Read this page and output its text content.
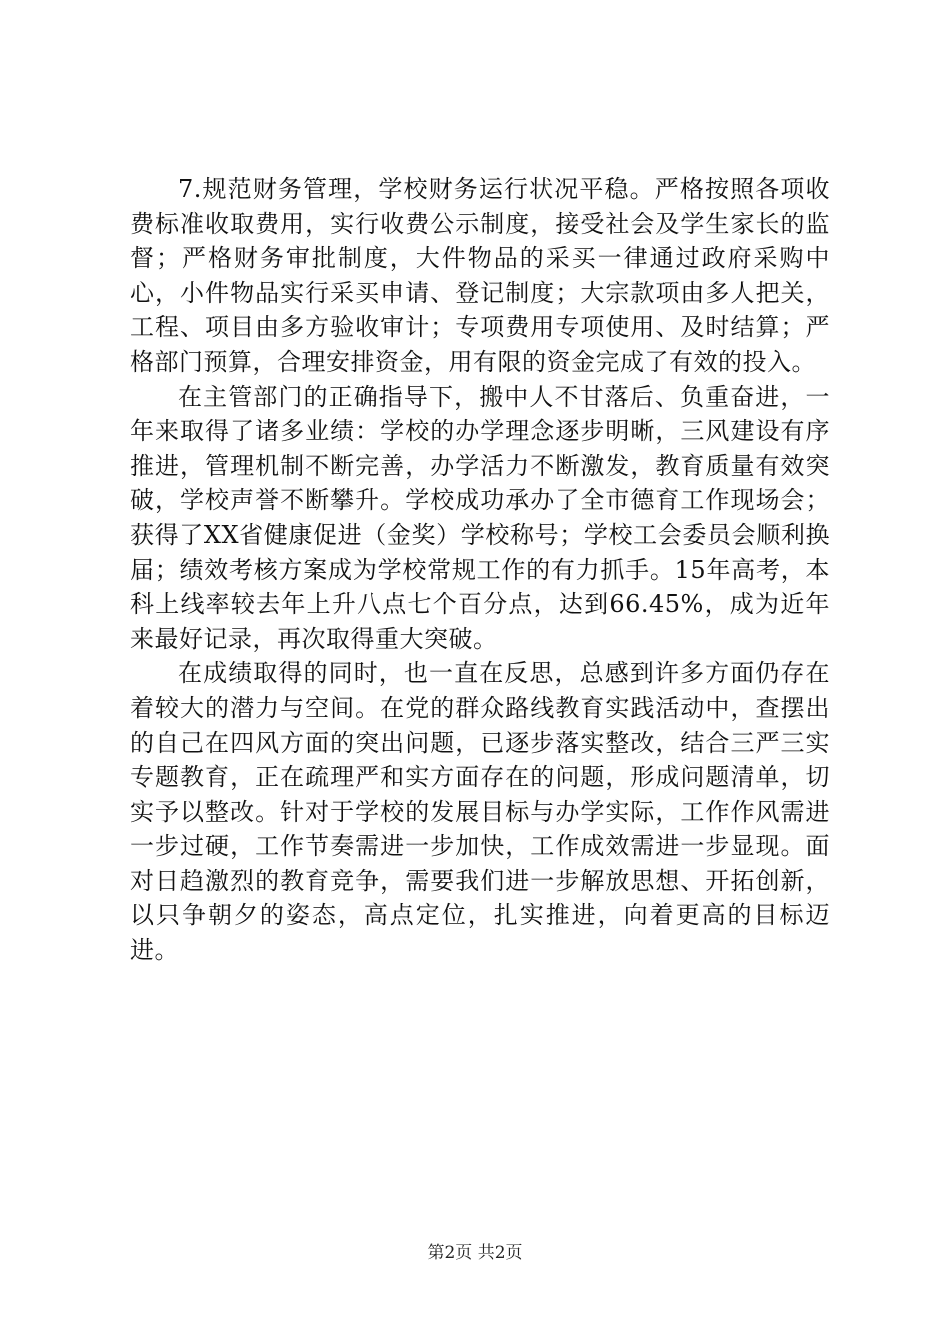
7.规范财务管理，学校财务运行状况平稳。严格按照各项收费标准收取费用，实行收费公示制度，接受社会及学生家长的监督；严格财务审批制度，大件物品的采买一律通过政府采购中心，小件物品实行采买申请、登记制度；大宗款项由多人把关，工程、项目由多方验收审计；专项费用专项使用、及时结算；严格部门预算，合理安排资金，用有限的资金完成了有效的投入。

在主管部门的正确指导下，搬中人不甘落后、负重奋进，一年来取得了诸多业绩：学校的办学理念逐步明晰，三风建设有序推进，管理机制不断完善，办学活力不断激发，教育质量有效突破，学校声誉不断攀升。学校成功承办了全市德育工作现场会；获得了XX省健康促进（金奖）学校称号；学校工会委员会顺利换届；绩效考核方案成为学校常规工作的有力抓手。15年高考，本科上线率较去年上升八点七个百分点，达到66.45%，成为近年来最好记录，再次取得重大突破。

在成绩取得的同时，也一直在反思，总感到许多方面仍存在着较大的潜力与空间。在党的群众路线教育实践活动中，查摆出的自己在四风方面的突出问题，已逐步落实整改，结合三严三实专题教育，正在疏理严和实方面存在的问题，形成问题清单，切实予以整改。针对于学校的发展目标与办学实际，工作作风需进一步过硬，工作节奏需进一步加快，工作成效需进一步显现。面对日趋激烈的教育竞争，需要我们进一步解放思想、开拓创新，以只争朝夕的姿态，高点定位，扎实推进，向着更高的目标迈进。

第2页 共2页
